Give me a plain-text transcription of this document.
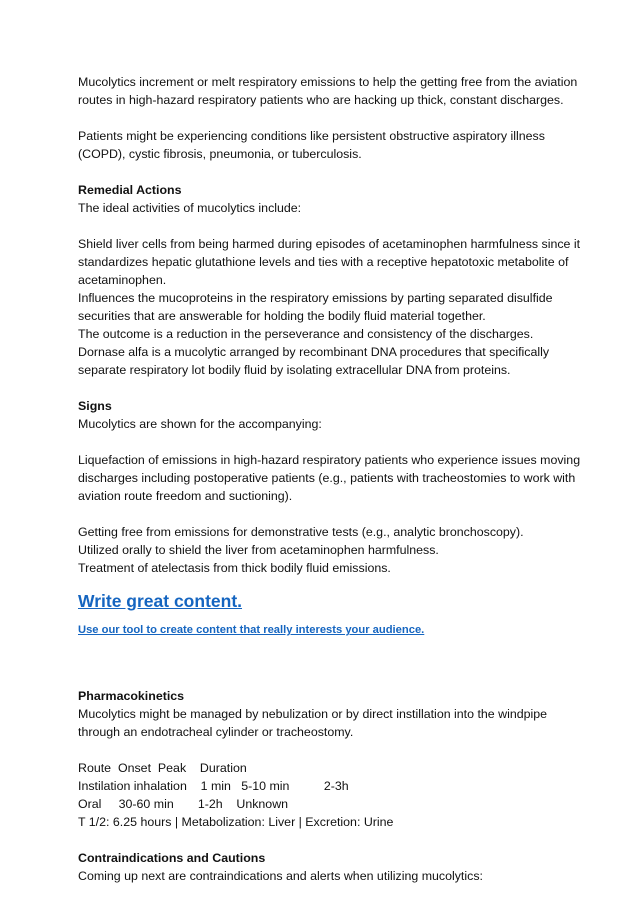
Mucolytics increment or melt respiratory emissions to help the getting free from the aviation
routes in high-hazard respiratory patients who are hacking up thick, constant discharges.

Patients might be experiencing conditions like persistent obstructive aspiratory illness
(COPD), cystic fibrosis, pneumonia, or tuberculosis.

Remedial Actions
The ideal activities of mucolytics include:

Shield liver cells from being harmed during episodes of acetaminophen harmfulness since it
standardizes hepatic glutathione levels and ties with a receptive hepatotoxic metabolite of
acetaminophen.
Influences the mucoproteins in the respiratory emissions by parting separated disulfide
securities that are answerable for holding the bodily fluid material together.
The outcome is a reduction in the perseverance and consistency of the discharges.
Dornase alfa is a mucolytic arranged by recombinant DNA procedures that specifically
separate respiratory lot bodily fluid by isolating extracellular DNA from proteins.

Signs
Mucolytics are shown for the accompanying:

Liquefaction of emissions in high-hazard respiratory patients who experience issues moving
discharges including postoperative patients (e.g., patients with tracheostomies to work with
aviation route freedom and suctioning).

Getting free from emissions for demonstrative tests (e.g., analytic bronchoscopy).
Utilized orally to shield the liver from acetaminophen harmfulness.
Treatment of atelectasis from thick bodily fluid emissions.

Write great content.
Use our tool to create content that really interests your audience.
Pharmacokinetics
Mucolytics might be managed by nebulization or by direct instillation into the windpipe
through an endotracheal cylinder or tracheostomy.
Route  Onset  Peak    Duration
Instilation inhalation    1 min   5-10 min          2-3h
Oral     30-60 min       1-2h    Unknown
T 1/2: 6.25 hours | Metabolization: Liver | Excretion: Urine
Contraindications and Cautions
Coming up next are contraindications and alerts when utilizing mucolytics:
